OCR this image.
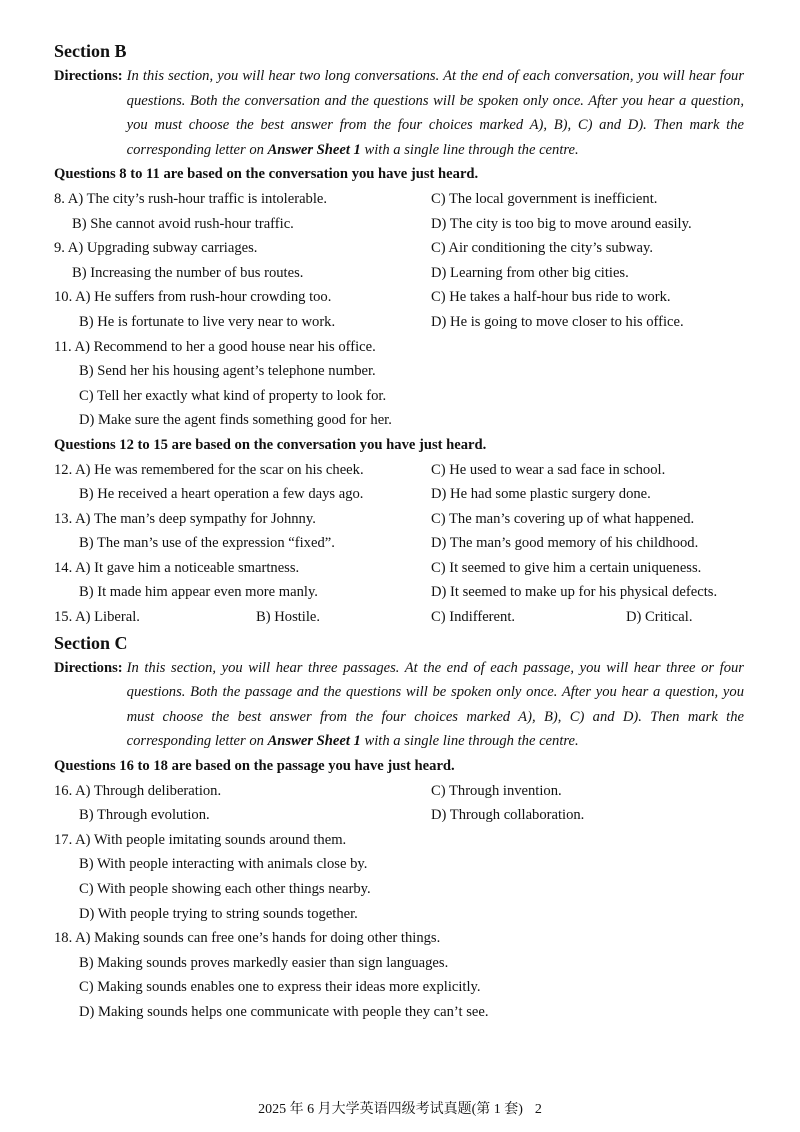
Section B
Directions: In this section, you will hear two long conversations. At the end of each conversation, you will hear four questions. Both the conversation and the questions will be spoken only once. After you hear a question, you must choose the best answer from the four choices marked A), B), C) and D). Then mark the corresponding letter on Answer Sheet 1 with a single line through the centre.
Questions 8 to 11 are based on the conversation you have just heard.
8. A) The city’s rush-hour traffic is intolerable.	C) The local government is inefficient.
B) She cannot avoid rush-hour traffic.	D) The city is too big to move around easily.
9. A) Upgrading subway carriages.	C) Air conditioning the city’s subway.
B) Increasing the number of bus routes.	D) Learning from other big cities.
10. A) He suffers from rush-hour crowding too.	C) He takes a half-hour bus ride to work.
B) He is fortunate to live very near to work.	D) He is going to move closer to his office.
11. A) Recommend to her a good house near his office.
B) Send her his housing agent’s telephone number.
C) Tell her exactly what kind of property to look for.
D) Make sure the agent finds something good for her.
Questions 12 to 15 are based on the conversation you have just heard.
12. A) He was remembered for the scar on his cheek.	C) He used to wear a sad face in school.
B) He received a heart operation a few days ago.	D) He had some plastic surgery done.
13. A) The man’s deep sympathy for Johnny.	C) The man’s covering up of what happened.
B) The man’s use of the expression “fixed”.	D) The man’s good memory of his childhood.
14. A) It gave him a noticeable smartness.	C) It seemed to give him a certain uniqueness.
B) It made him appear even more manly.	D) It seemed to make up for his physical defects.
15. A) Liberal.	B) Hostile.	C) Indifferent.	D) Critical.
Section C
Directions: In this section, you will hear three passages. At the end of each passage, you will hear three or four questions. Both the passage and the questions will be spoken only once. After you hear a question, you must choose the best answer from the four choices marked A), B), C) and D). Then mark the corresponding letter on Answer Sheet 1 with a single line through the centre.
Questions 16 to 18 are based on the passage you have just heard.
16. A) Through deliberation.	C) Through invention.
B) Through evolution.	D) Through collaboration.
17. A) With people imitating sounds around them.
B) With people interacting with animals close by.
C) With people showing each other things nearby.
D) With people trying to string sounds together.
18. A) Making sounds can free one’s hands for doing other things.
B) Making sounds proves markedly easier than sign languages.
C) Making sounds enables one to express their ideas more explicitly.
D) Making sounds helps one communicate with people they can’t see.
2025 年 6 月大学英语四级考试真题(第 1 套) 2
